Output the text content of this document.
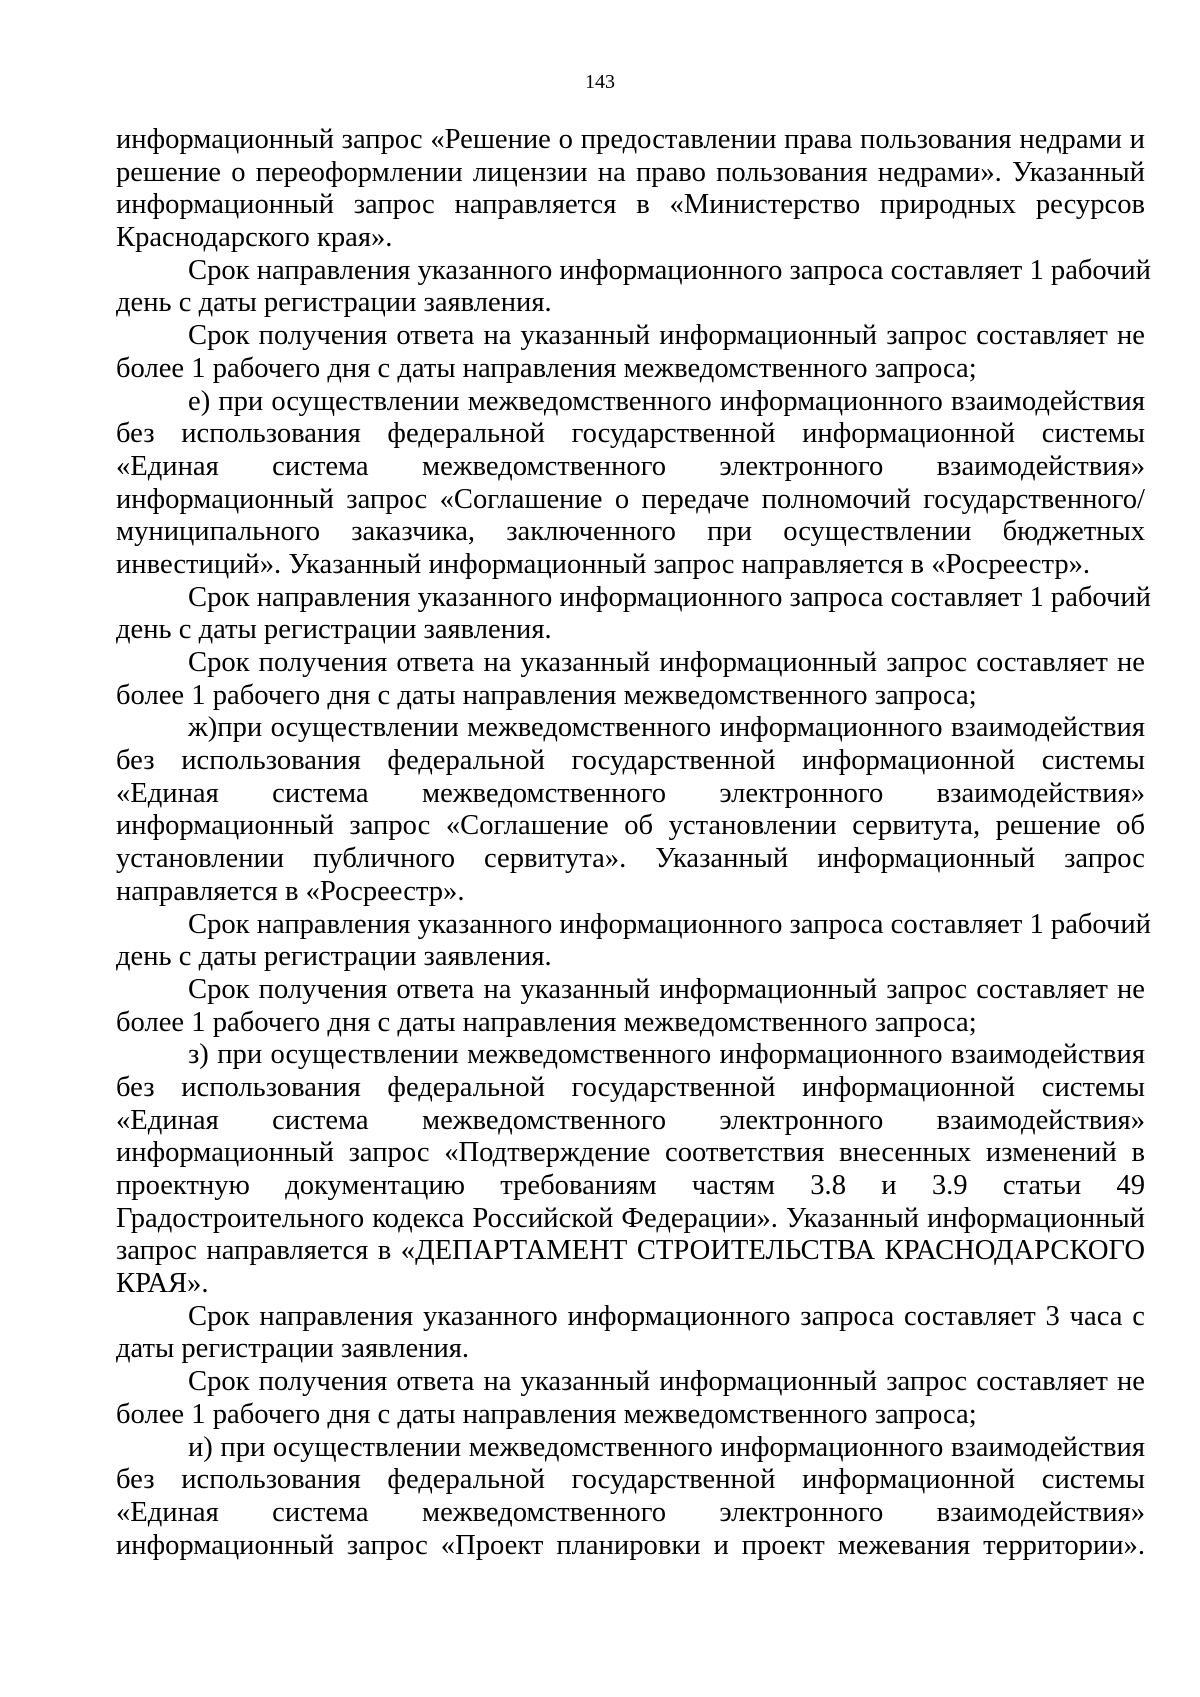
143
информационный запрос «Решение о предоставлении права пользования недрами и
решение о переоформлении лицензии на право пользования недрами». Указанный
информационный запрос направляется в «Министерство природных ресурсов
Краснодарского края».
Срок направления указанного информационного запроса составляет 1 рабочий
день с даты регистрации заявления.
Срок получения ответа на указанный информационный запрос составляет не
более 1 рабочего дня с даты направления межведомственного запроса;
е) при осуществлении межведомственного информационного взаимодействия
без использования федеральной государственной информационной системы
«Единая система межведомственного электронного взаимодействия»
информационный запрос «Соглашение о передаче полномочий государственного/
муниципального заказчика, заключенного при осуществлении бюджетных
инвестиций». Указанный информационный запрос направляется в «Росреестр».
Срок направления указанного информационного запроса составляет 1 рабочий
день с даты регистрации заявления.
Срок получения ответа на указанный информационный запрос составляет не
более 1 рабочего дня с даты направления межведомственного запроса;
ж)при осуществлении межведомственного информационного взаимодействия
без использования федеральной государственной информационной системы
«Единая система межведомственного электронного взаимодействия»
информационный запрос «Соглашение об установлении сервитута, решение об
установлении публичного сервитута». Указанный информационный запрос
направляется в «Росреестр».
Срок направления указанного информационного запроса составляет 1 рабочий
день с даты регистрации заявления.
Срок получения ответа на указанный информационный запрос составляет не
более 1 рабочего дня с даты направления межведомственного запроса;
з) при осуществлении межведомственного информационного взаимодействия
без использования федеральной государственной информационной системы
«Единая система межведомственного электронного взаимодействия»
информационный запрос «Подтверждение соответствия внесенных изменений в
проектную документацию требованиям частям 3.8 и 3.9 статьи 49
Градостроительного кодекса Российской Федерации». Указанный информационный
запрос направляется в «ДЕПАРТАМЕНТ СТРОИТЕЛЬСТВА КРАСНОДАРСКОГО
КРАЯ».
Срок направления указанного информационного запроса составляет 3 часа с
даты регистрации заявления.
Срок получения ответа на указанный информационный запрос составляет не
более 1 рабочего дня с даты направления межведомственного запроса;
и) при осуществлении межведомственного информационного взаимодействия
без использования федеральной государственной информационной системы
«Единая система межведомственного электронного взаимодействия»
информационный запрос «Проект планировки и проект межевания территории».
